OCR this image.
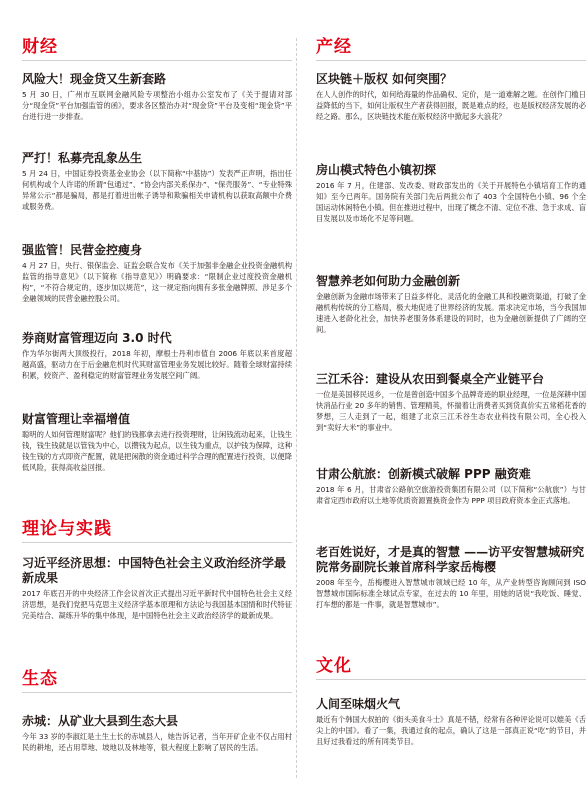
财经
风险大！现金贷又生新套路

5 月 30 日，广州市互联网金融风险专项整治小组办公室发布了《关于提请对部分“现金贷”平台加强监管的函》，要求各区整治办对“现金贷”平台及变相“现金贷”平台进行进一步排查。

严打！私募壳乱象丛生

5 月 24 日，中国证券投资基金业协会（以下简称“中基协”）发表严正声明，指出任何机构或个人许诺的所谓“包通过”、“协会内部关系保办”、“保壳服务”、“专业特殊异常公示”都是骗局，都是打着进出帐子诱导和欺骗相关申请机构以获取高额中介费或服务费。

强监管！民营金控瘦身

4 月 27 日，央行、银保监会、证监会联合发布《关于加强非金融企业投资金融机构监管的指导意见》（以下简称《指导意见》）明确要求：“限制企业过度投资金融机构”，“不符合规定的，逐步加以规范”，这一规定指向拥有多张金融牌照、涉足多个金融领域的民营金融控股公司。

券商财富管理迈向 3.0 时代

作为华尔街两大顶级投行，2018 年初，摩根士丹利市值自 2006 年底以来首度超越高盛，驱动力在于后金融危机时代其财富管理业务发展比较好。随着全球财富持续积累，较资产、盈利稳定的财富管理业务发展空间广阔。

财富管理让幸福增值

聪明的人如何管理财富呢？他们的钱都拿去进行投资理财，让闲钱流动起来，让钱生钱，钱生钱就是以管钱为中心，以攒钱为起点，以生钱为重点，以护钱为保障，这种钱生钱的方式即资产配置，就是把闲散的资金通过科学合理的配置进行投资，以便降低风险，获得高收益回报。

理论与实践
习近平经济思想：中国特色社会主义政治经济学最新成果

2017 年底召开的中央经济工作会议首次正式提出习近平新时代中国特色社会主义经济思想，是我们党把马克思主义经济学基本原理和方法论与我国基本国情和时代特征完美结合、凝练升华的集中体现，是中国特色社会主义政治经济学的最新成果。

生态
赤城：从矿业大县到生态大县

今年 33 岁的李淑红是土生土长的赤城县人，她告诉记者，当年开矿企业不仅占用村民的耕地，还占用草地、坡地以及林地等，很大程度上影响了居民的生活。

产经
区块链＋版权 如何突围？

在人人创作的时代，如何给海量的作品确权、定价，是一道难解之题。在创作门槛日益降低的当下，如何让版权生产者获得回报，既是难点的经，也是版权经济发展的必经之路。那么，区块链技术能在版权经济中掀起多大浪花？

房山模式特色小镇初探

2016 年 7 月，住建部、发改委、财政部发出的《关于开展特色小镇培育工作的通知》至今已两年。国务院有关部门先后两批公布了 403 个全国特色小镇、96 个全国运动休闲特色小镇。但在推进过程中，出现了概念不清、定位不准、急于求成、盲目发展以及市场化不足等问题。

智慧养老如何助力金融创新

金融创新为金融市场带来了日益多样化、灵活化的金融工具和投融资渠道，打破了金融机构传统的分工格局，极大地促进了世界经济的发展。需求决定市场，当今我国加速进入老龄化社会，加快养老服务体系建设的同时，也为金融创新提供了广阔的空间。

三江禾谷：建设从农田到餐桌全产业链平台

一位是美国移民返乡，一位是曾创造中国多个品牌奇迹的职业经理，一位是深耕中国快消品行业 20 多年的销售、管理精英，怀揣着让消费者买到货真价实五常稻花香的梦想，三人走到了一起，组建了北京三江禾谷生态农业科技有限公司，全心投入到“卖好大米”的事业中。

甘肃公航旅：创新模式破解 PPP 融资难

2018 年 6 月，甘肃省公路航空旅游投资集团有限公司（以下简称“公航旅”）与甘肃省定西市政府以土地等优质资源置换资金作为 PPP 项目政府资本金正式落地。

老百姓说好，才是真的智慧 ——访平安智慧城研究院常务副院长兼首席科学家岳梅樱

2008 年至今，岳梅樱进入智慧城市领域已经 10 年，从产业转型咨询顾问到 ISO 智慧城市国际标准全球试点专家，在过去的 10 年里，用她的话说“我吃饭、睡觉、打车想的都是一件事，就是智慧城市”。

文化
人间至味烟火气

最近有个韩国大叔拍的《街头美食斗士》真是不错，经常有各种评论说可以媲美《舌尖上的中国》。看了一集，我通过食的起点，确认了这是一部真正说“吃”的节目，并且好过我看过的所有同类节目。
